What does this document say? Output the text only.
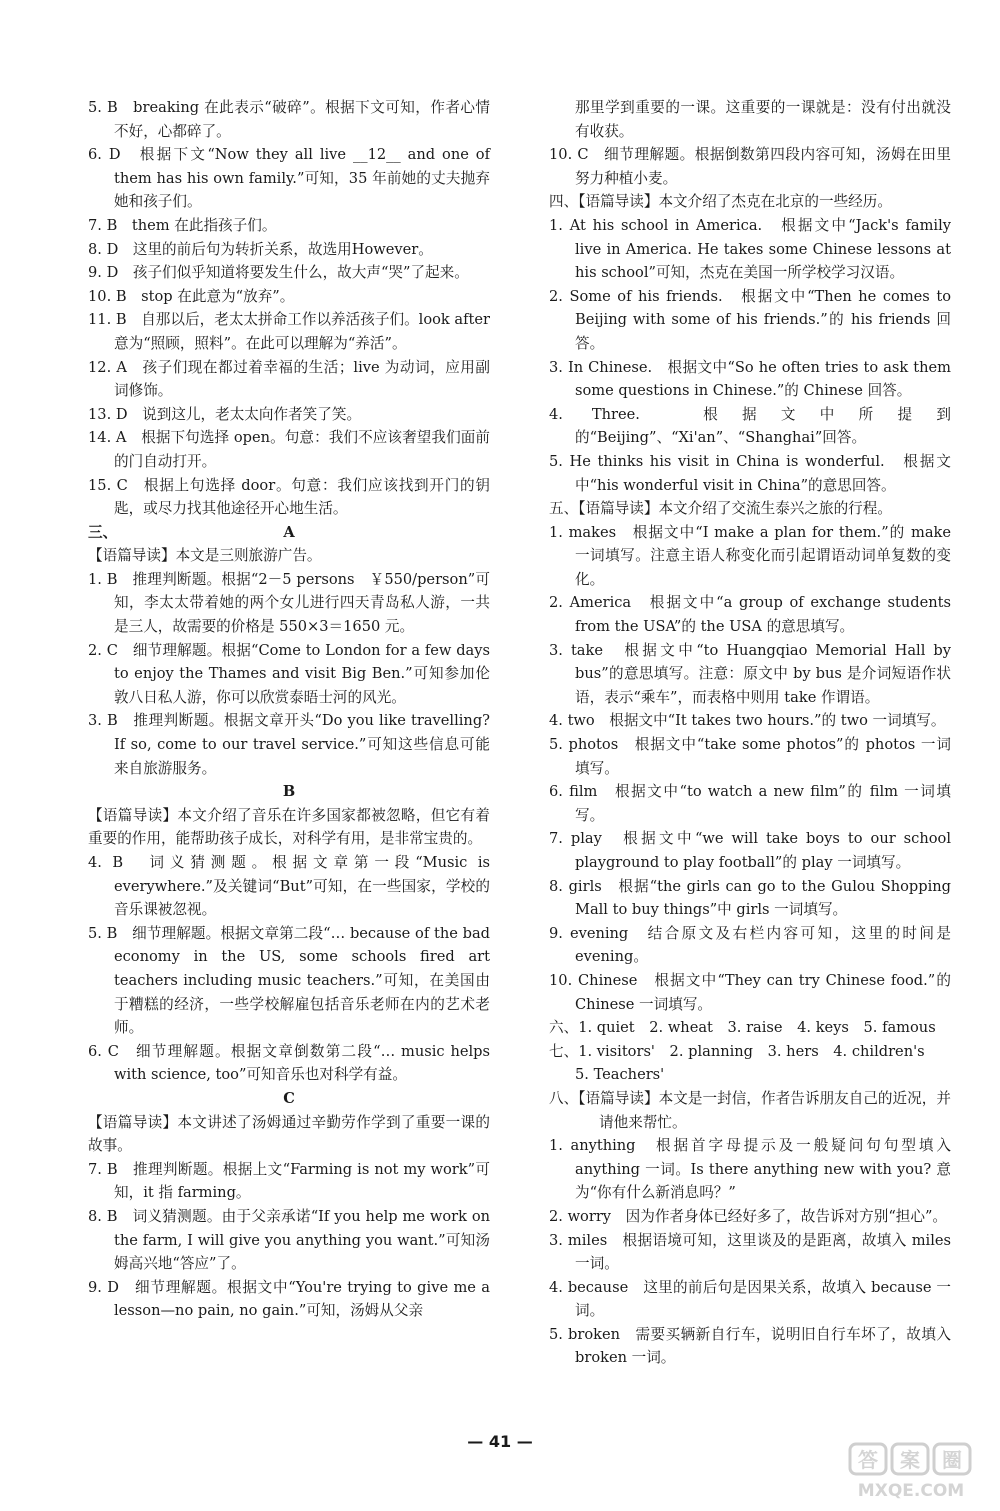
5. B　breaking 在此表示“破碎”。根据下文可知，作者心情不好，心都碎了。

6. D　根据下文“Now they all live __12__ and one of them has his own family.”可知，35 年前她的丈夫抛弃她和孩子们。

7. B　them 在此指孩子们。

8. D　这里的前后句为转折关系，故选用However。

9. D　孩子们似乎知道将要发生什么，故大声“哭”了起来。

10. B　stop 在此意为“放弃”。

11. B　自那以后，老太太拼命工作以养活孩子们。look after 意为“照顾，照料”。在此可以理解为“养活”。

12. A　孩子们现在都过着幸福的生活；live 为动词，应用副词修饰。

13. D　说到这儿，老太太向作者笑了笑。

14. A　根据下句选择 open。句意：我们不应该奢望我们面前的门自动打开。

15. C　根据上句选择 door。句意：我们应该找到开门的钥匙，或尽力找其他途径开心地生活。

三、	A

【语篇导读】本文是三则旅游广告。

1. B　推理判断题。根据“2－5 persons　￥550/person”可知，李太太带着她的两个女儿进行四天青岛私人游，一共是三人，故需要的价格是 550×3＝1650 元。

2. C　细节理解题。根据“Come to London for a few days to enjoy the Thames and visit Big Ben.”可知参加伦敦八日私人游，你可以欣赏泰晤士河的风光。

3. B　推理判断题。根据文章开头“Do you like travelling? If so, come to our travel service.”可知这些信息可能来自旅游服务。

B

【语篇导读】本文介绍了音乐在许多国家都被忽略，但它有着重要的作用，能帮助孩子成长，对科学有用，是非常宝贵的。

4. B　词义猜测题。根据文章第一段“Music is everywhere.”及关键词“But”可知，在一些国家，学校的音乐课被忽视。

5. B　细节理解题。根据文章第二段“… because of the bad economy in the US, some schools fired art teachers including music teachers.”可知，在美国由于糟糕的经济，一些学校解雇包括音乐老师在内的艺术老师。

6. C　细节理解题。根据文章倒数第二段“… music helps with science, too”可知音乐也对科学有益。

C

【语篇导读】本文讲述了汤姆通过辛勤劳作学到了重要一课的故事。

7. B　推理判断题。根据上文“Farming is not my work”可知，it 指 farming。

8. B　词义猜测题。由于父亲承诺“If you help me work on the farm, I will give you anything you want.”可知汤姆高兴地“答应”了。

9. D　细节理解题。根据文中“You're trying to give me a lesson—no pain, no gain.”可知，汤姆从父亲

那里学到重要的一课。这重要的一课就是：没有付出就没有收获。

10. C　细节理解题。根据倒数第四段内容可知，汤姆在田里努力种植小麦。

四、【语篇导读】本文介绍了杰克在北京的一些经历。

1. At his school in America.　根据文中“Jack's family live in America. He takes some Chinese lessons at his school”可知，杰克在美国一所学校学习汉语。

2. Some of his friends.　根据文中“Then he comes to Beijing with some of his friends.”的 his friends 回答。

3. In Chinese.　根据文中“So he often tries to ask them some questions in Chinese.”的 Chinese 回答。

4. Three.　根据文中所提到的“Beijing”、“Xi'an”、“Shanghai”回答。

5. He thinks his visit in China is wonderful.　根据文中“his wonderful visit in China”的意思回答。

五、【语篇导读】本文介绍了交流生泰兴之旅的行程。

1. makes　根据文中“I make a plan for them.”的 make 一词填写。注意主语人称变化而引起谓语动词单复数的变化。

2. America　根据文中“a group of exchange students from the USA”的 the USA 的意思填写。

3. take　根据文中“to Huangqiao Memorial Hall by bus”的意思填写。注意：原文中 by bus 是介词短语作状语，表示“乘车”，而表格中则用 take 作谓语。

4. two　根据文中“It takes two hours.”的 two 一词填写。

5. photos　根据文中“take some photos”的 photos 一词填写。

6. film　根据文中“to watch a new film”的 film 一词填写。

7. play　根据文中“we will take boys to our school playground to play football”的 play 一词填写。

8. girls　根据“the girls can go to the Gulou Shopping Mall to buy things”中 girls 一词填写。

9. evening　结合原文及右栏内容可知，这里的时间是 evening。

10. Chinese　根据文中“They can try Chinese food.”的 Chinese 一词填写。

六、1. quiet　2. wheat　3. raise　4. keys　5. famous

七、1. visitors'　2. planning　3. hers　4. children's

5. Teachers'

八、【语篇导读】本文是一封信，作者告诉朋友自己的近况，并请他来帮忙。

1. anything　根据首字母提示及一般疑问句句型填入 anything 一词。Is there anything new with you? 意为“你有什么新消息吗？”

2. worry　因为作者身体已经好多了，故告诉对方别“担心”。

3. miles　根据语境可知，这里谈及的是距离，故填入 miles 一词。

4. because　这里的前后句是因果关系，故填入 because 一词。

5. broken　需要买辆新自行车，说明旧自行车坏了，故填入 broken 一词。

— 41 —
答 案 圈
MXQE.COM
